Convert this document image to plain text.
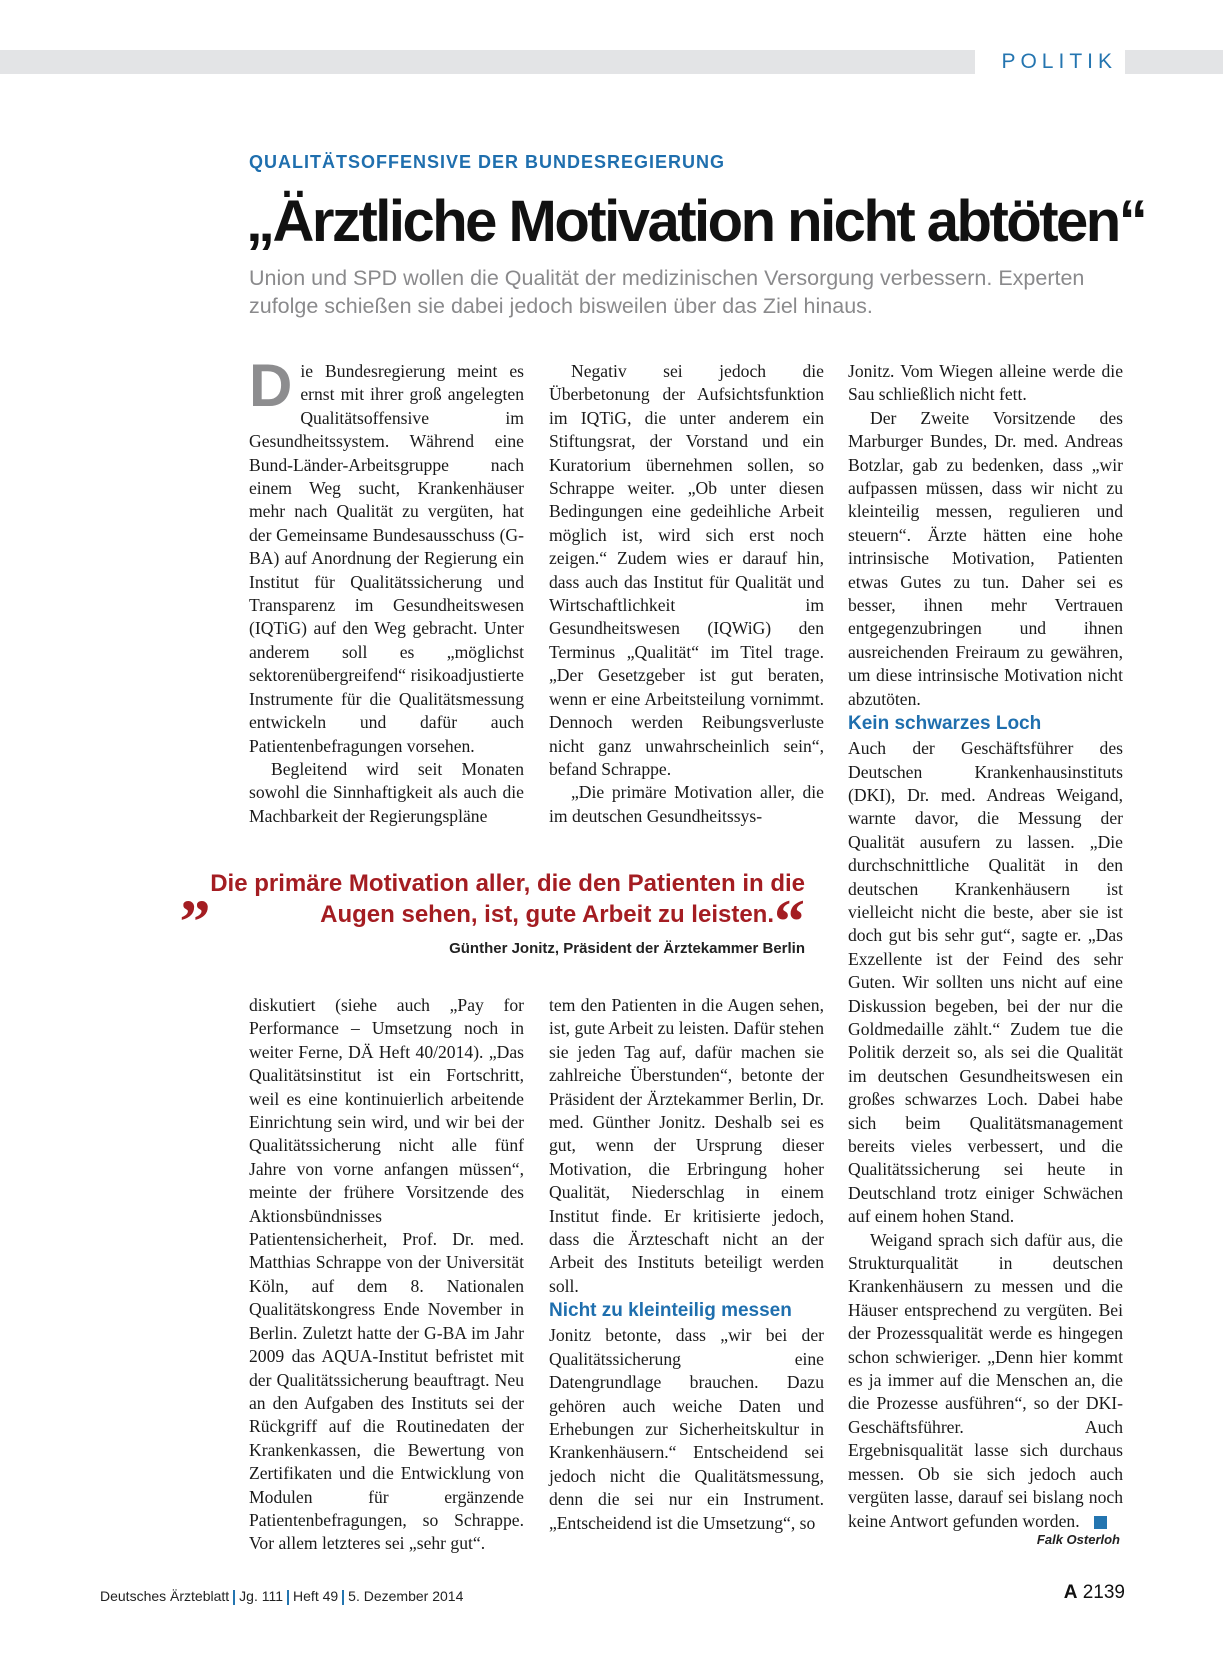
POLITIK
QUALITÄTSOFFENSIVE DER BUNDESREGIERUNG
„Ärztliche Motivation nicht abtöten“
Union und SPD wollen die Qualität der medizinischen Versorgung verbessern. Experten zufolge schießen sie dabei jedoch bisweilen über das Ziel hinaus.

Die Bundesregierung meint es ernst mit ihrer groß angelegten Qualitätsoffensive im Gesundheitssystem. Während eine Bund-Länder-Arbeitsgruppe nach einem Weg sucht, Krankenhäuser mehr nach Qualität zu vergüten, hat der Gemeinsame Bundesausschuss (G-BA) auf Anordnung der Regierung ein Institut für Qualitätssicherung und Transparenz im Gesundheitswesen (IQTiG) auf den Weg gebracht. Unter anderem soll es „möglichst sektorenübergreifend“ risikoadjustierte Instrumente für die Qualitätsmessung entwickeln und dafür auch Patientenbefragungen vorsehen.

Begleitend wird seit Monaten sowohl die Sinnhaftigkeit als auch die Machbarkeit der Regierungspläne

Negativ sei jedoch die Überbetonung der Aufsichtsfunktion im IQTiG, die unter anderem ein Stiftungsrat, der Vorstand und ein Kuratorium übernehmen sollen, so Schrappe weiter. „Ob unter diesen Bedingungen eine gedeihliche Arbeit möglich ist, wird sich erst noch zeigen.“ Zudem wies er darauf hin, dass auch das Institut für Qualität und Wirtschaftlichkeit im Gesundheitswesen (IQWiG) den Terminus „Qualität“ im Titel trage. „Der Gesetzgeber ist gut beraten, wenn er eine Arbeitsteilung vornimmt. Dennoch werden Reibungsverluste nicht ganz unwahrscheinlich sein“, befand Schrappe.

„Die primäre Motivation aller, die im deutschen Gesundheitssys-

„ Die primäre Motivation aller, die den Patienten in die Augen sehen, ist, gute Arbeit zu leisten.“
Günther Jonitz, Präsident der Ärztekammer Berlin

diskutiert (siehe auch „Pay for Performance – Umsetzung noch in weiter Ferne, DÄ Heft 40/2014). „Das Qualitätsinstitut ist ein Fortschritt, weil es eine kontinuierlich arbeitende Einrichtung sein wird, und wir bei der Qualitätssicherung nicht alle fünf Jahre von vorne anfangen müssen“, meinte der frühere Vorsitzende des Aktionsbündnisses Patientensicherheit, Prof. Dr. med. Matthias Schrappe von der Universität Köln, auf dem 8. Nationalen Qualitätskongress Ende November in Berlin. Zuletzt hatte der G-BA im Jahr 2009 das AQUA-Institut befristet mit der Qualitätssicherung beauftragt. Neu an den Aufgaben des Instituts sei der Rückgriff auf die Routinedaten der Krankenkassen, die Bewertung von Zertifikaten und die Entwicklung von Modulen für ergänzende Patientenbefragungen, so Schrappe. Vor allem letzteres sei „sehr gut“.

tem den Patienten in die Augen sehen, ist, gute Arbeit zu leisten. Dafür stehen sie jeden Tag auf, dafür machen sie zahlreiche Überstunden“, betonte der Präsident der Ärztekammer Berlin, Dr. med. Günther Jonitz. Deshalb sei es gut, wenn der Ursprung dieser Motivation, die Erbringung hoher Qualität, Niederschlag in einem Institut finde. Er kritisierte jedoch, dass die Ärzteschaft nicht an der Arbeit des Instituts beteiligt werden soll.

Nicht zu kleinteilig messen

Jonitz betonte, dass „wir bei der Qualitätssicherung eine Datengrundlage brauchen. Dazu gehören auch weiche Daten und Erhebungen zur Sicherheitskultur in Krankenhäusern.“ Entscheidend sei jedoch nicht die Qualitätsmessung, denn die sei nur ein Instrument. „Entscheidend ist die Umsetzung“, so

Jonitz. Vom Wiegen alleine werde die Sau schließlich nicht fett.

Der Zweite Vorsitzende des Marburger Bundes, Dr. med. Andreas Botzlar, gab zu bedenken, dass „wir aufpassen müssen, dass wir nicht zu kleinteilig messen, regulieren und steuern“. Ärzte hätten eine hohe intrinsische Motivation, Patienten etwas Gutes zu tun. Daher sei es besser, ihnen mehr Vertrauen entgegenzubringen und ihnen ausreichenden Freiraum zu gewähren, um diese intrinsische Motivation nicht abzutöten.

Kein schwarzes Loch

Auch der Geschäftsführer des Deutschen Krankenhausinstituts (DKI), Dr. med. Andreas Weigand, warnte davor, die Messung der Qualität ausufern zu lassen. „Die durchschnittliche Qualität in den deutschen Krankenhäusern ist vielleicht nicht die beste, aber sie ist doch gut bis sehr gut“, sagte er. „Das Exzellente ist der Feind des sehr Guten. Wir sollten uns nicht auf eine Diskussion begeben, bei der nur die Goldmedaille zählt.“ Zudem tue die Politik derzeit so, als sei die Qualität im deutschen Gesundheitswesen ein großes schwarzes Loch. Dabei habe sich beim Qualitätsmanagement bereits vieles verbessert, und die Qualitätssicherung sei heute in Deutschland trotz einiger Schwächen auf einem hohen Stand.

Weigand sprach sich dafür aus, die Strukturqualität in deutschen Krankenhäusern zu messen und die Häuser entsprechend zu vergüten. Bei der Prozessqualität werde es hingegen schon schwieriger. „Denn hier kommt es ja immer auf die Menschen an, die die Prozesse ausführen“, so der DKI-Geschäftsführer. Auch Ergebnisqualität lasse sich durchaus messen. Ob sie sich jedoch auch vergüten lasse, darauf sei bislang noch keine Antwort gefunden worden.

Falk Osterloh
Deutsches Ärzteblatt Jg. 111 Heft 49 5. Dezember 2014	A 2139
